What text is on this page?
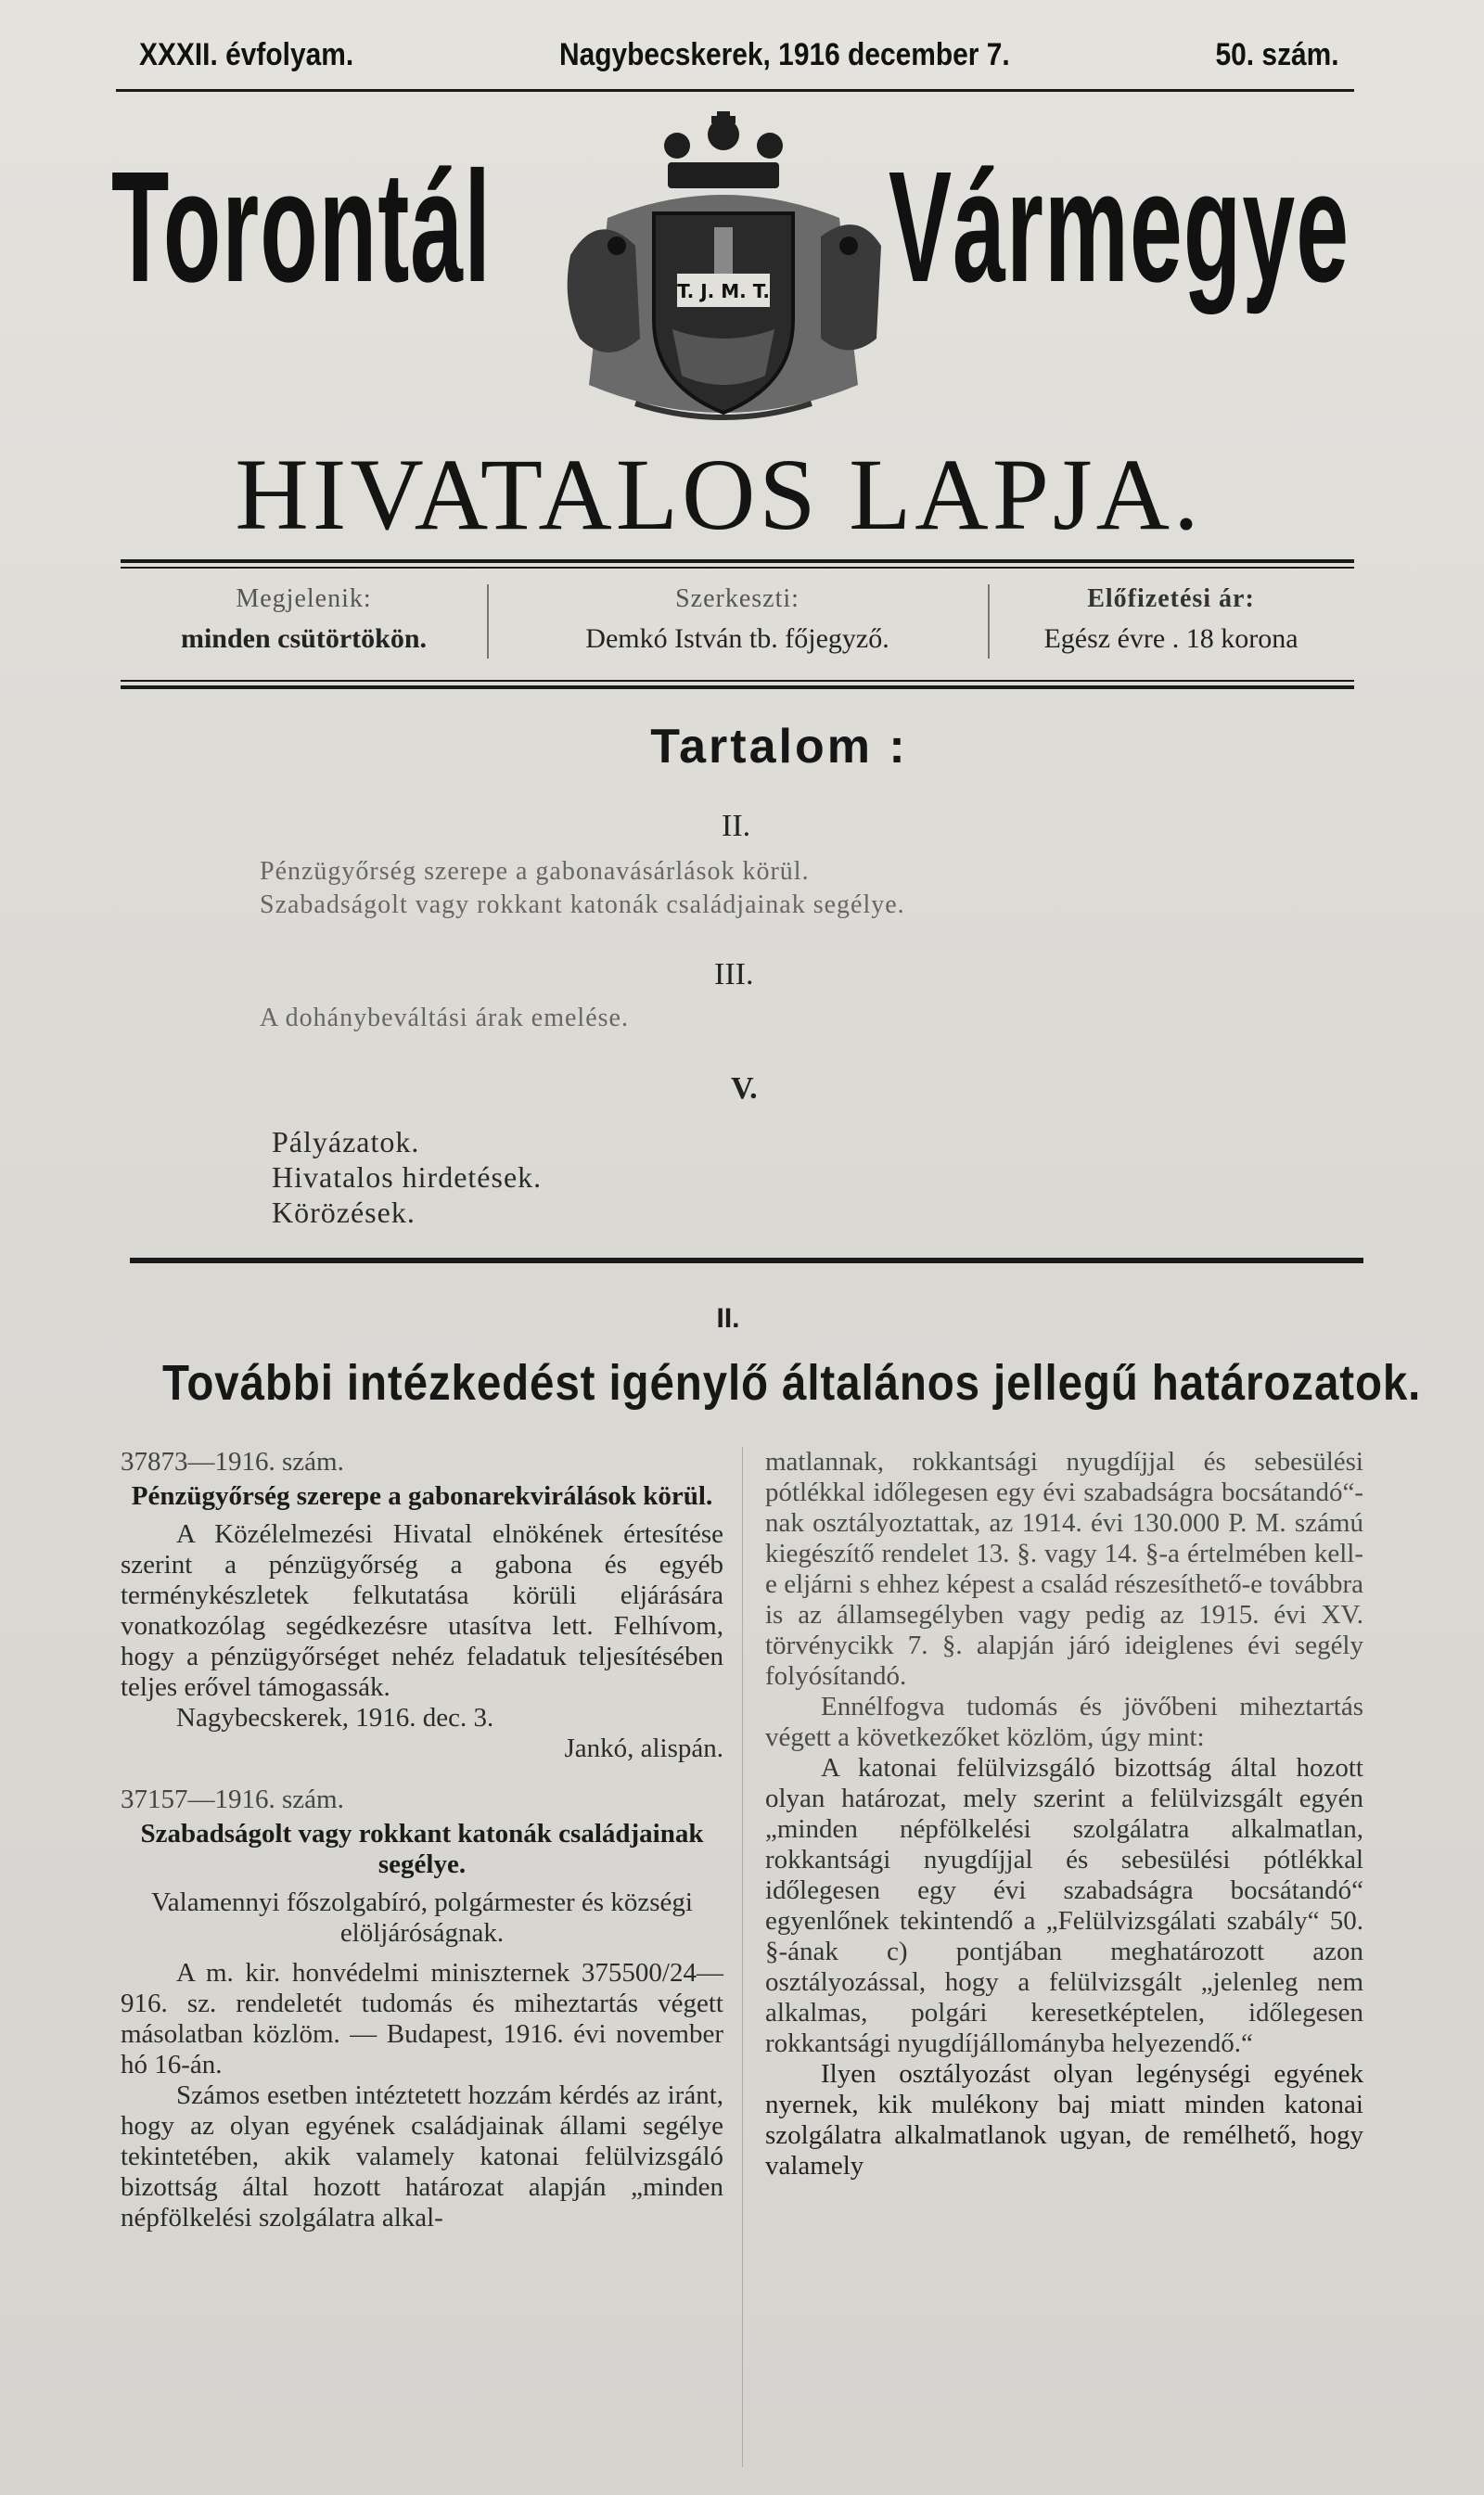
XXXII. évfolyam.	Nagybecskerek, 1916 december 7.	50. szám.
Torontál	Vármegye
T. J. M. T.
HIVATALOS LAPJA.
Megjelenik:
minden csütörtökön.
Szerkeszti:
Demkó István tb. főjegyző.
Előfizetési ár:
Egész évre . 18 korona
Tartalom :
II.
Pénzügyőrség szerepe a gabonavásárlások körül.
Szabadságolt vagy rokkant katonák családjainak segélye.
III.
A dohánybeváltási árak emelése.
V.
Pályázatok.
Hivatalos hirdetések.
Körözések.
II.
További intézkedést igénylő általános jellegű határozatok.

37873—1916. szám.

Pénzügyőrség szerepe a gabonarekvirálások körül.

A Közélelmezési Hivatal elnökének értesítése szerint a pénzügyőrség a gabona és egyéb terménykészletek felkutatása körüli eljárására vonatkozólag segédkezésre utasítva lett. Felhívom, hogy a pénzügyőrséget nehéz feladatuk teljesítésében teljes erővel támogassák.

Nagybecskerek, 1916. dec. 3.

Jankó, alispán.

37157—1916. szám.

Szabadságolt vagy rokkant katonák családjainak segélye.

Valamennyi főszolgabíró, polgármester és községi elöljáróságnak.

A m. kir. honvédelmi miniszternek 375500/24—916. sz. rendeletét tudomás és miheztartás végett másolatban közlöm. — Budapest, 1916. évi november hó 16-án.

Számos esetben intéztetett hozzám kérdés az iránt, hogy az olyan egyének családjainak állami segélye tekintetében, akik valamely katonai felülvizsgáló bizottság által hozott határozat alapján „minden népfölkelési szolgálatra alkal-

matlannak, rokkantsági nyugdíjjal és sebesülési pótlékkal időlegesen egy évi szabadságra bocsátandó“-nak osztályoztattak, az 1914. évi 130.000 P. M. számú kiegészítő rendelet 13. §. vagy 14. §-a értelmében kell-e eljárni s ehhez képest a család részesíthető-e továbbra is az államsegélyben vagy pedig az 1915. évi XV. törvénycikk 7. §. alapján járó ideiglenes évi segély folyósítandó.

Ennélfogva tudomás és jövőbeni miheztartás végett a következőket közlöm, úgy mint:

A katonai felülvizsgáló bizottság által hozott olyan határozat, mely szerint a felülvizsgált egyén „minden népfölkelési szolgálatra alkalmatlan, rokkantsági nyugdíjjal és sebesülési pótlékkal időlegesen egy évi szabadságra bocsátandó“ egyenlőnek tekintendő a „Felülvizsgálati szabály“ 50. §-ának c) pontjában meghatározott azon osztályozással, hogy a felülvizsgált „jelenleg nem alkalmas, polgári keresetképtelen, időlegesen rokkantsági nyugdíjállományba helyezendő.“

Ilyen osztályozást olyan legénységi egyének nyernek, kik mulékony baj miatt minden katonai szolgálatra alkalmatlanok ugyan, de remélhető, hogy valamely
